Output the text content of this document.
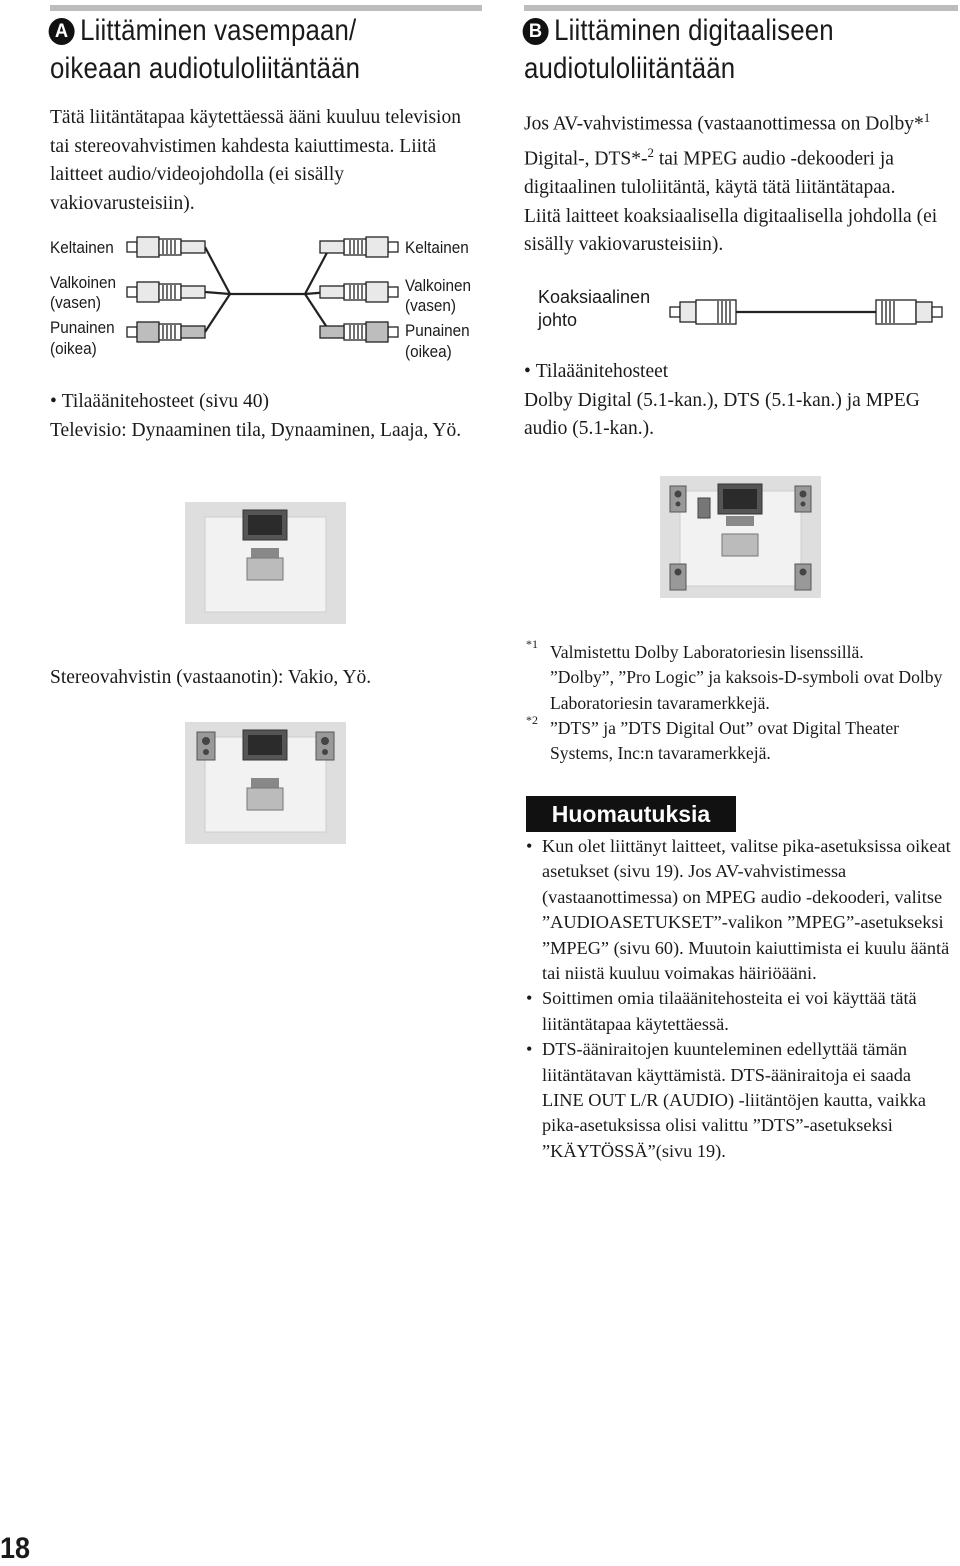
A Liittäminen vasempaan/
oikeaan audiotuloliitäntään

Tätä liitäntätapaa käytettäessä ääni kuuluu television tai stereovahvistimen kahdesta kaiuttimesta. Liitä laitteet audio/videojohdolla (ei sisälly vakiovarusteisiin).

Keltainen
Valkoinen
(vasen)
Punainen
(oikea)
Keltainen
Valkoinen
(vasen)
Punainen
(oikea)

• Tilaäänitehosteet (sivu 40)

Televisio: Dynaaminen tila, Dynaaminen, Laaja, Yö.

Stereovahvistin (vastaanotin): Vakio, Yö.
B Liittäminen digitaaliseen
audiotuloliitäntään

Jos AV-vahvistimessa (vastaanottimessa on Dolby*$^1$ Digital-, DTS*-$^2$ tai MPEG audio -dekooderi ja digitaalinen tuloliitäntä, käytä tätä liitäntätapaa.

Liitä laitteet koaksiaalisella digitaalisella johdolla (ei sisälly vakiovarusteisiin).

Koaksiaalinen
johto

• Tilaäänitehosteet

Dolby Digital (5.1-kan.), DTS (5.1-kan.) ja MPEG audio (5.1-kan.).

*1 Valmistettu Dolby Laboratoriesin lisenssillä.
”Dolby”, ”Pro Logic” ja kaksois-D-symboli ovat Dolby Laboratoriesin tavaramerkkejä.
*2 ”DTS” ja ”DTS Digital Out” ovat Digital Theater Systems, Inc:n tavaramerkkejä.
Huomautuksia
• Kun olet liittänyt laitteet, valitse pika-asetuksissa oikeat asetukset (sivu 19). Jos AV-vahvistimessa (vastaanottimessa) on MPEG audio -dekooderi, valitse ”AUDIOASETUKSET”-valikon ”MPEG”-asetukseksi ”MPEG” (sivu 60). Muutoin kaiuttimista ei kuulu ääntä tai niistä kuuluu voimakas häiriöääni.
• Soittimen omia tilaäänitehosteita ei voi käyttää tätä liitäntätapaa käytettäessä.
• DTS-ääniraitojen kuunteleminen edellyttää tämän liitäntätavan käyttämistä. DTS-ääniraitoja ei saada LINE OUT L/R (AUDIO) -liitäntöjen kautta, vaikka pika-asetuksissa olisi valittu ”DTS”-asetukseksi ”KÄYTÖSSÄ”(sivu 19).
18
